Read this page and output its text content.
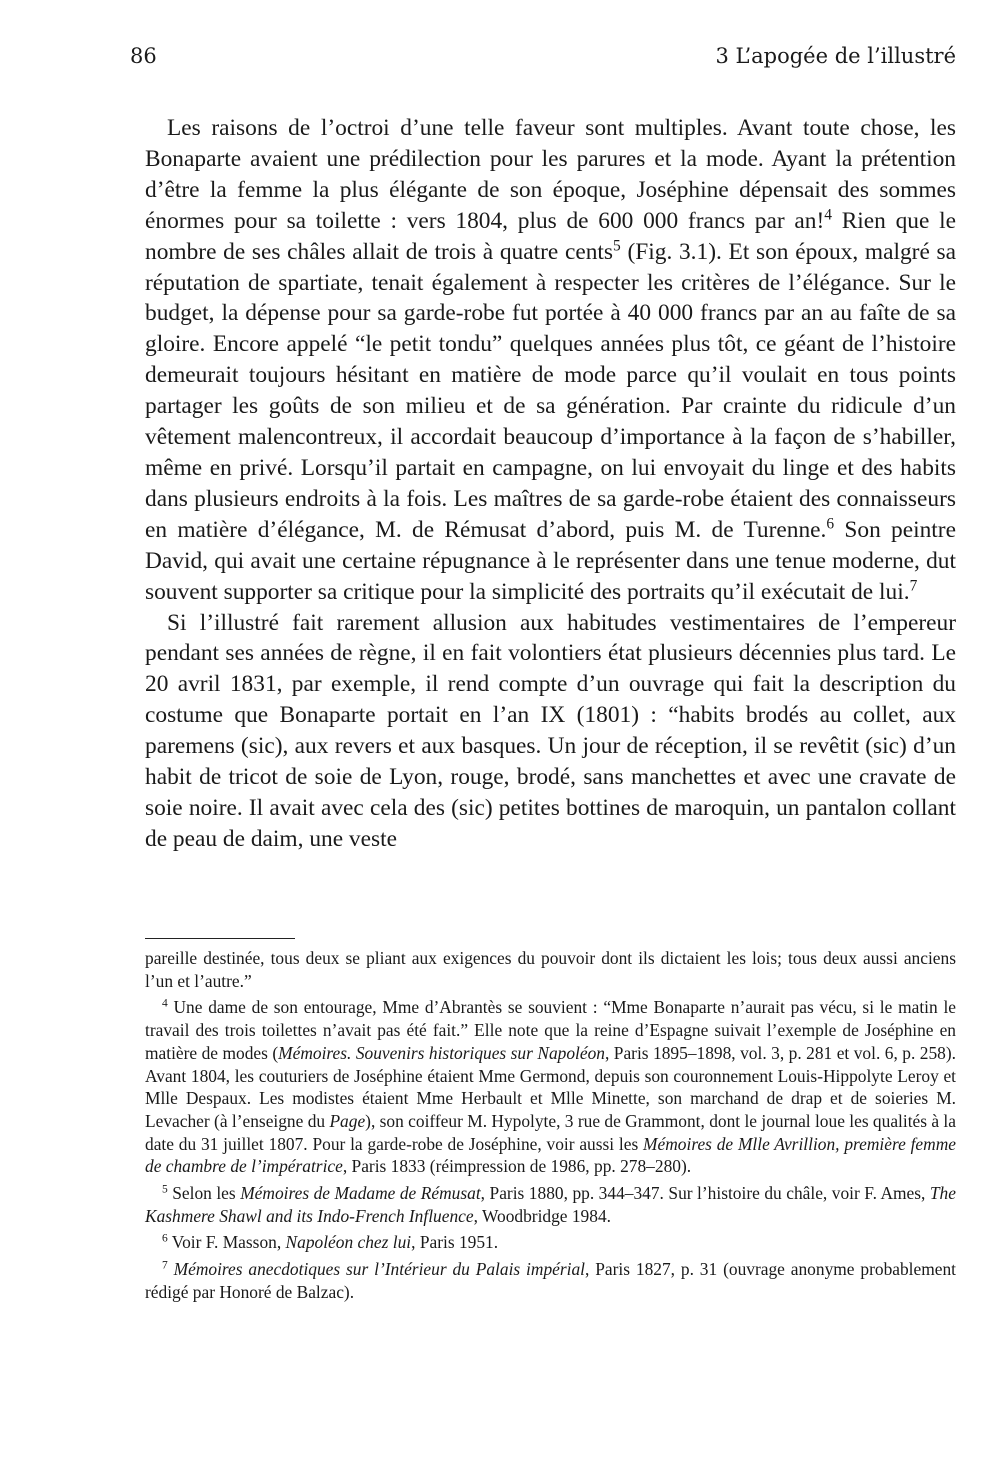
86	3 L’apogée de l’illustré

Les raisons de l’octroi d’une telle faveur sont multiples. Avant toute chose, les Bonaparte avaient une prédilection pour les parures et la mode. Ayant la prétention d’être la femme la plus élégante de son époque, Joséphine dépensait des sommes énormes pour sa toilette : vers 1804, plus de 600 000 francs par an!$^4$ Rien que le nombre de ses châles allait de trois à quatre cents$^5$ (Fig. 3.1). Et son époux, malgré sa réputation de spartiate, tenait également à respecter les critères de l’élégance. Sur le budget, la dépense pour sa garde-robe fut portée à 40 000 francs par an au faîte de sa gloire. Encore appelé “le petit tondu” quelques années plus tôt, ce géant de l’histoire demeurait toujours hésitant en matière de mode parce qu’il voulait en tous points partager les goûts de son milieu et de sa génération. Par crainte du ridicule d’un vêtement malencontreux, il accordait beaucoup d’importance à la façon de s’habiller, même en privé. Lorsqu’il partait en campagne, on lui envoyait du linge et des habits dans plusieurs endroits à la fois. Les maîtres de sa garde-robe étaient des connaisseurs en matière d’élégance, M. de Rémusat d’abord, puis M. de Turenne.$^6$ Son peintre David, qui avait une certaine répugnance à le représenter dans une tenue moderne, dut souvent supporter sa critique pour la simplicité des portraits qu’il exécutait de lui.$^7$

Si l’illustré fait rarement allusion aux habitudes vestimentaires de l’empereur pendant ses années de règne, il en fait volontiers état plusieurs décennies plus tard. Le 20 avril 1831, par exemple, il rend compte d’un ouvrage qui fait la description du costume que Bonaparte portait en l’an IX (1801) : “habits brodés au collet, aux paremens (sic), aux revers et aux basques. Un jour de réception, il se revêtit (sic) d’un habit de tricot de soie de Lyon, rouge, brodé, sans manchettes et avec une cravate de soie noire. Il avait avec cela des (sic) petites bottines de maroquin, un pantalon collant de peau de daim, une veste

pareille destinée, tous deux se pliant aux exigences du pouvoir dont ils dictaient les lois; tous deux aussi anciens l’un et l’autre.”

$^4$ Une dame de son entourage, Mme d’Abrantès se souvient : “Mme Bonaparte n’aurait pas vécu, si le matin le travail des trois toilettes n’avait pas été fait.” Elle note que la reine d’Espagne suivait l’exemple de Joséphine en matière de modes (Mémoires. Souvenirs historiques sur Napoléon, Paris 1895–1898, vol. 3, p. 281 et vol. 6, p. 258). Avant 1804, les couturiers de Joséphine étaient Mme Germond, depuis son couronnement Louis-Hippolyte Leroy et Mlle Despaux. Les modistes étaient Mme Herbault et Mlle Minette, son marchand de drap et de soieries M. Levacher (à l’enseigne du Page), son coiffeur M. Hypolyte, 3 rue de Grammont, dont le journal loue les qualités à la date du 31 juillet 1807. Pour la garde-robe de Joséphine, voir aussi les Mémoires de Mlle Avrillion, première femme de chambre de l’impératrice, Paris 1833 (réimpression de 1986, pp. 278–280).

$^5$ Selon les Mémoires de Madame de Rémusat, Paris 1880, pp. 344–347. Sur l’histoire du châle, voir F. Ames, The Kashmere Shawl and its Indo-French Influence, Woodbridge 1984.

$^6$ Voir F. Masson, Napoléon chez lui, Paris 1951.

$^7$ Mémoires anecdotiques sur l’Intérieur du Palais impérial, Paris 1827, p. 31 (ouvrage anonyme probablement rédigé par Honoré de Balzac).
